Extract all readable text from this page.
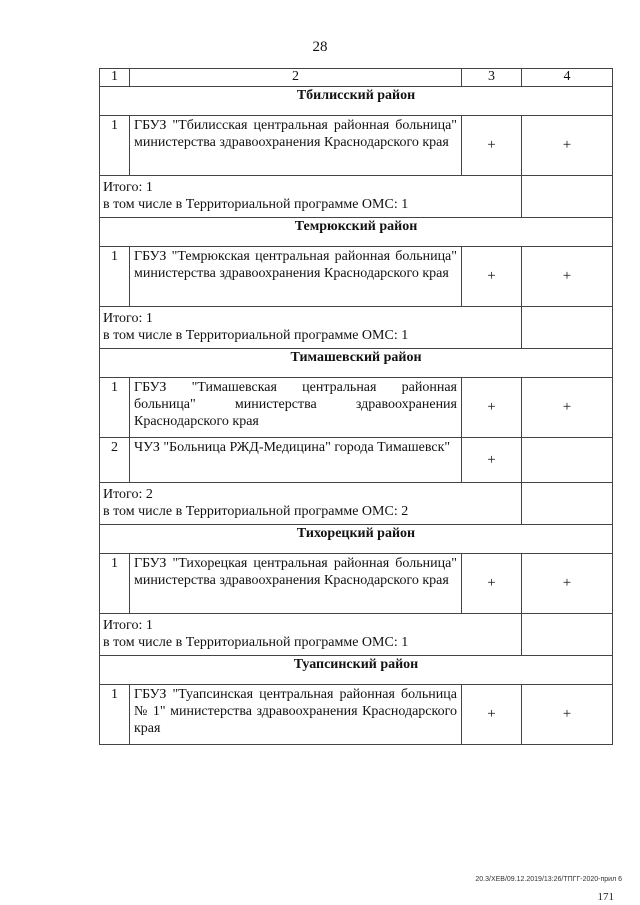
28
1	2	3	4
Тбилисский район			
1	ГБУЗ "Тбилисская центральная районная больница" министерства здравоохранения Краснодарского края	+	+

Итого: 1
в том числе в Территориальной программе ОМС: 1			

Темрюкский район			
1	ГБУЗ "Темрюкская центральная районная больница" министерства здравоохранения Краснодарского края	+	+

Итого: 1
в том числе в Территориальной программе ОМС: 1			

Тимашевский район			
1	ГБУЗ "Тимашевская центральная районная больница" министерства здравоохранения Краснодарского края	+	+
2	ЧУЗ "Больница РЖД-Медицина" города Тимашевск"	+	

Итого: 2
в том числе в Территориальной программе ОМС: 2			

Тихорецкий район			
1	ГБУЗ "Тихорецкая центральная районная больница" министерства здравоохранения Краснодарского края	+	+

Итого: 1
в том числе в Территориальной программе ОМС: 1			

Туапсинский район			
1	ГБУЗ "Туапсинская центральная районная больница № 1" министерства здравоохранения Краснодарского края	+	+
20.3/ХЕВ/09.12.2019/13:26/ТПГГ-2020-прил 6
171
